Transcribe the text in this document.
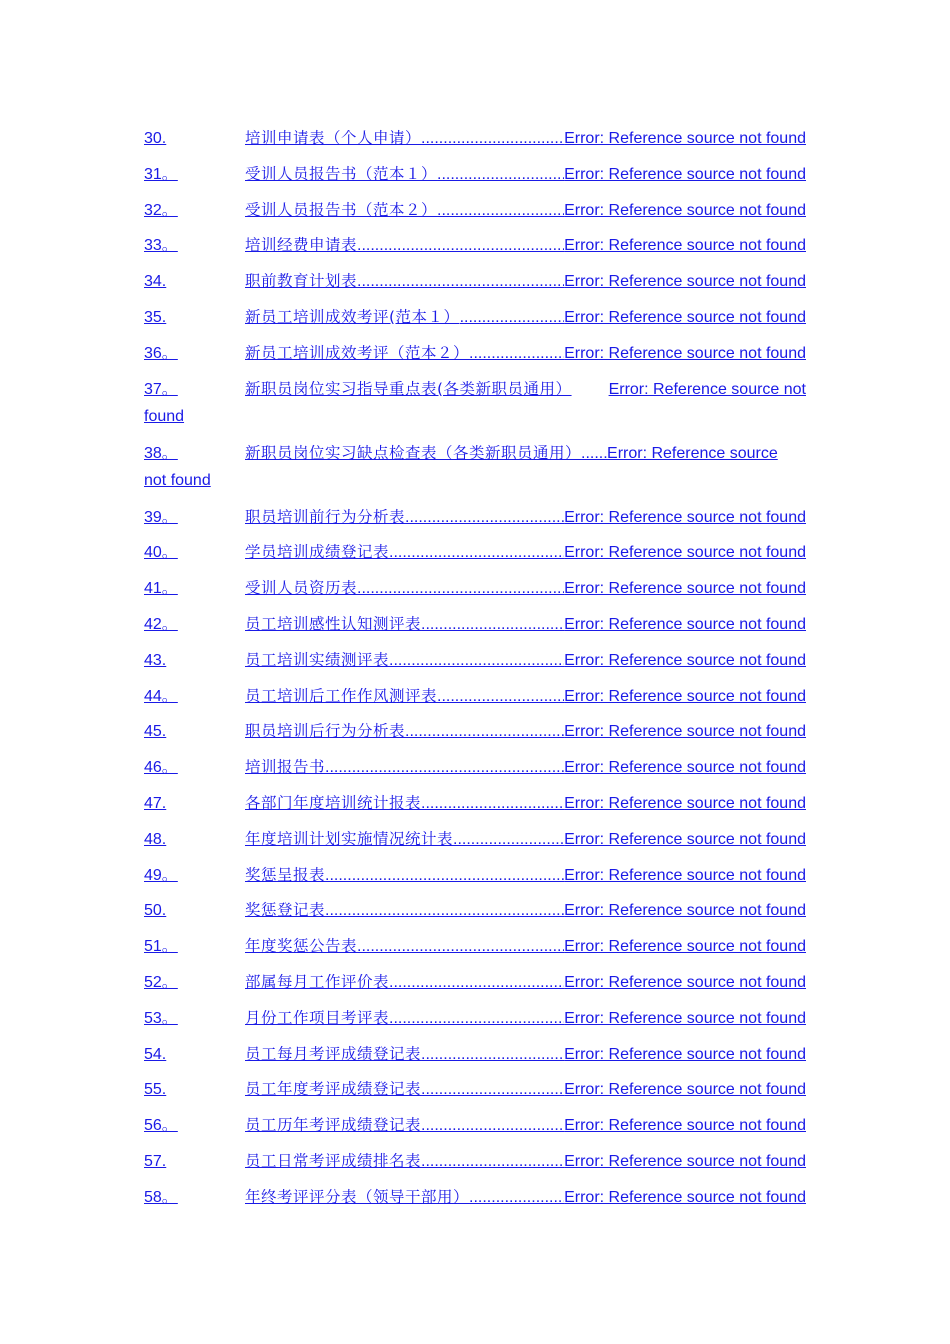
30.	培训申请表（个人申请） .....	Error: Reference source not found
31。	受训人员报告书（范本１） .....	Error: Reference source not found
32。	受训人员报告书（范本２） .....	Error: Reference source not found
33。	培训经费申请表 .....	Error: Reference source not found
34.	职前教育计划表 .....	Error: Reference source not found
35.	新员工培训成效考评(范本１） .....	Error: Reference source not found
36。	新员工培训成效考评（范本２） .....	Error: Reference source not found
37。	新职员岗位实习指导重点表(各类新职员通用）	Error: Reference source not
found
38。	新职员岗位实习缺点检查表（各类新职员通用） ..... Error: Reference source
not found
39。	职员培训前行为分析表 .....	Error: Reference source not found
40。	学员培训成绩登记表 .....	Error: Reference source not found
41。	受训人员资历表 .....	Error: Reference source not found
42。	员工培训感性认知测评表 .....	Error: Reference source not found
43.	员工培训实绩测评表 .....	Error: Reference source not found
44。	员工培训后工作作风测评表 .....	Error: Reference source not found
45.	职员培训后行为分析表 .....	Error: Reference source not found
46。	培训报告书 .....	Error: Reference source not found
47.	各部门年度培训统计报表 .....	Error: Reference source not found
48.	年度培训计划实施情况统计表 .....	Error: Reference source not found
49。	奖惩呈报表 .....	Error: Reference source not found
50.	奖惩登记表 .....	Error: Reference source not found
51。	年度奖惩公告表 .....	Error: Reference source not found
52。	部属每月工作评价表 .....	Error: Reference source not found
53。	月份工作项目考评表 .....	Error: Reference source not found
54.	员工每月考评成绩登记表 .....	Error: Reference source not found
55.	员工年度考评成绩登记表 .....	Error: Reference source not found
56。	员工历年考评成绩登记表 .....	Error: Reference source not found
57.	员工日常考评成绩排名表 .....	Error: Reference source not found
58。	年终考评评分表（领导干部用） .....	Error: Reference source not found
